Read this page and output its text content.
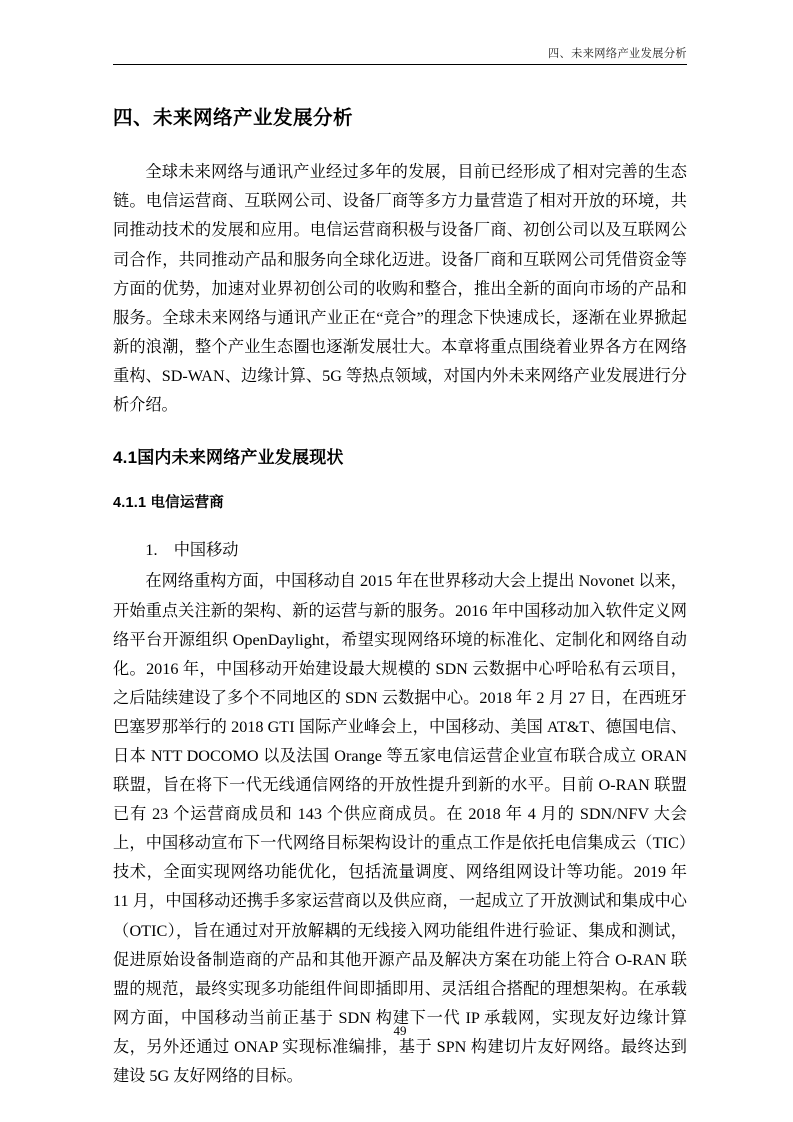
四、未来网络产业发展分析
四、未来网络产业发展分析

全球未来网络与通讯产业经过多年的发展，目前已经形成了相对完善的生态链。电信运营商、互联网公司、设备厂商等多方力量营造了相对开放的环境，共同推动技术的发展和应用。电信运营商积极与设备厂商、初创公司以及互联网公司合作，共同推动产品和服务向全球化迈进。设备厂商和互联网公司凭借资金等方面的优势，加速对业界初创公司的收购和整合，推出全新的面向市场的产品和服务。全球未来网络与通讯产业正在“竞合”的理念下快速成长，逐渐在业界掀起新的浪潮，整个产业生态圈也逐渐发展壮大。本章将重点围绕着业界各方在网络重构、SD-WAN、边缘计算、5G 等热点领域，对国内外未来网络产业发展进行分析介绍。

4.1国内未来网络产业发展现状
4.1.1 电信运营商

1.　中国移动

在网络重构方面，中国移动自 2015 年在世界移动大会上提出 Novonet 以来，开始重点关注新的架构、新的运营与新的服务。2016 年中国移动加入软件定义网络平台开源组织 OpenDaylight，希望实现网络环境的标准化、定制化和网络自动化。2016 年，中国移动开始建设最大规模的 SDN 云数据中心呼哈私有云项目，之后陆续建设了多个不同地区的 SDN 云数据中心。2018 年 2 月 27 日，在西班牙巴塞罗那举行的 2018 GTI 国际产业峰会上，中国移动、美国 AT&T、德国电信、日本 NTT DOCOMO 以及法国 Orange 等五家电信运营企业宣布联合成立 ORAN 联盟，旨在将下一代无线通信网络的开放性提升到新的水平。目前 O-RAN 联盟已有 23 个运营商成员和 143 个供应商成员。在 2018 年 4 月的 SDN/NFV 大会上，中国移动宣布下一代网络目标架构设计的重点工作是依托电信集成云（TIC）技术，全面实现网络功能优化，包括流量调度、网络组网设计等功能。2019 年 11 月，中国移动还携手多家运营商以及供应商，一起成立了开放测试和集成中心（OTIC），旨在通过对开放解耦的无线接入网功能组件进行验证、集成和测试，促进原始设备制造商的产品和其他开源产品及解决方案在功能上符合 O-RAN 联盟的规范，最终实现多功能组件间即插即用、灵活组合搭配的理想架构。在承载网方面，中国移动当前正基于 SDN 构建下一代 IP 承载网，实现友好边缘计算友，另外还通过 ONAP 实现标准编排，基于 SPN 构建切片友好网络。最终达到建设 5G 友好网络的目标。

49
